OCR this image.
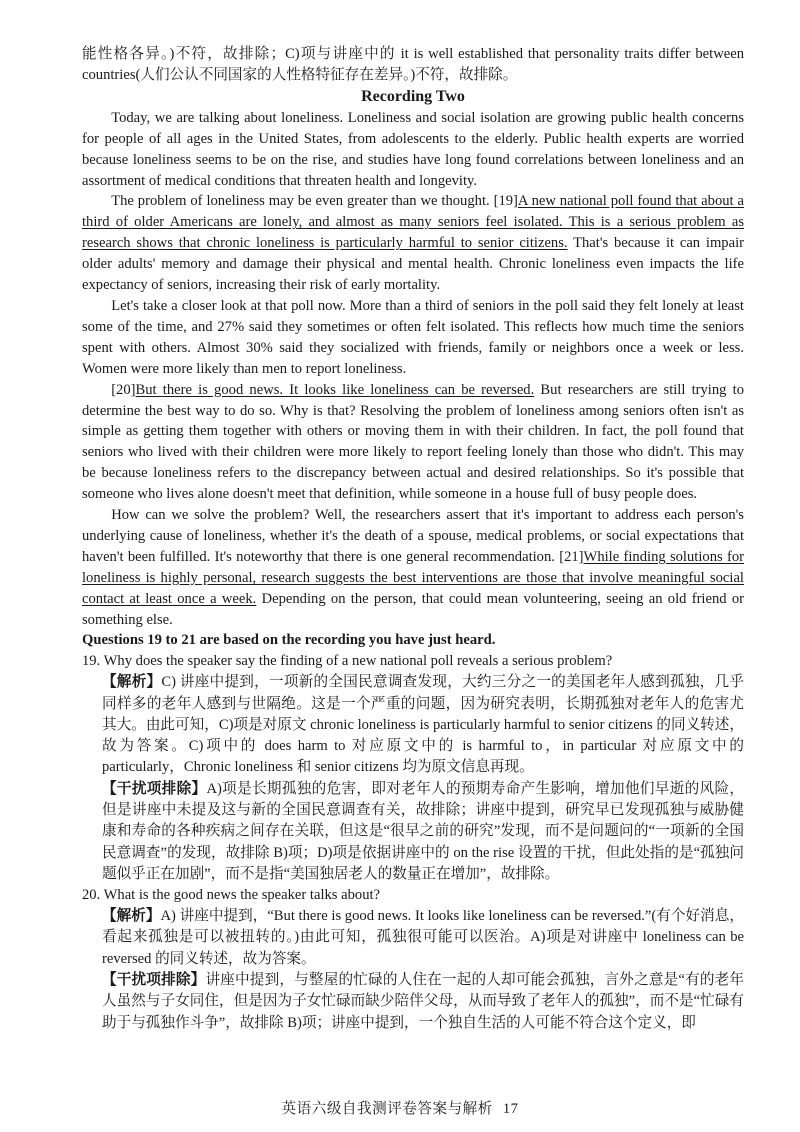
能性格各异。)不符，故排除；C)项与讲座中的 it is well established that personality traits differ between countries(人们公认不同国家的人性格特征存在差异。)不符，故排除。

Recording Two

Today, we are talking about loneliness. Loneliness and social isolation are growing public health concerns for people of all ages in the United States, from adolescents to the elderly. Public health experts are worried because loneliness seems to be on the rise, and studies have long found correlations between loneliness and an assortment of medical conditions that threaten health and longevity.

The problem of loneliness may be even greater than we thought. [19]A new national poll found that about a third of older Americans are lonely, and almost as many seniors feel isolated. This is a serious problem as research shows that chronic loneliness is particularly harmful to senior citizens. That's because it can impair older adults' memory and damage their physical and mental health. Chronic loneliness even impacts the life expectancy of seniors, increasing their risk of early mortality.

Let's take a closer look at that poll now. More than a third of seniors in the poll said they felt lonely at least some of the time, and 27% said they sometimes or often felt isolated. This reflects how much time the seniors spent with others. Almost 30% said they socialized with friends, family or neighbors once a week or less. Women were more likely than men to report loneliness.

[20]But there is good news. It looks like loneliness can be reversed. But researchers are still trying to determine the best way to do so. Why is that? Resolving the problem of loneliness among seniors often isn't as simple as getting them together with others or moving them in with their children. In fact, the poll found that seniors who lived with their children were more likely to report feeling lonely than those who didn't. This may be because loneliness refers to the discrepancy between actual and desired relationships. So it's possible that someone who lives alone doesn't meet that definition, while someone in a house full of busy people does.

How can we solve the problem? Well, the researchers assert that it's important to address each person's underlying cause of loneliness, whether it's the death of a spouse, medical problems, or social expectations that haven't been fulfilled. It's noteworthy that there is one general recommendation. [21]While finding solutions for loneliness is highly personal, research suggests the best interventions are those that involve meaningful social contact at least once a week. Depending on the person, that could mean volunteering, seeing an old friend or something else.

Questions 19 to 21 are based on the recording you have just heard.

19. Why does the speaker say the finding of a new national poll reveals a serious problem?

【解析】C) 讲座中提到，一项新的全国民意调查发现，大约三分之一的美国老年人感到孤独，几乎同样多的老年人感到与世隔绝。这是一个严重的问题，因为研究表明，长期孤独对老年人的危害尤其大。由此可知，C)项是对原文 chronic loneliness is particularly harmful to senior citizens 的同义转述，故为答案。C)项中的 does harm to 对应原文中的 is harmful to，in particular 对应原文中的 particularly，Chronic loneliness 和 senior citizens 均为原文信息再现。

【干扰项排除】A)项是长期孤独的危害，即对老年人的预期寿命产生影响，增加他们早逝的风险，但是讲座中未提及这与新的全国民意调查有关，故排除；讲座中提到，研究早已发现孤独与威胁健康和寿命的各种疾病之间存在关联，但这是“很早之前的研究”发现，而不是问题问的“一项新的全国民意调查”的发现，故排除 B)项；D)项是依据讲座中的 on the rise 设置的干扰，但此处指的是“孤独问题似乎正在加剧”，而不是指“美国独居老人的数量正在增加”，故排除。

20. What is the good news the speaker talks about?

【解析】A) 讲座中提到，“But there is good news. It looks like loneliness can be reversed.”(有个好消息，看起来孤独是可以被扭转的。)由此可知，孤独很可能可以医治。A)项是对讲座中 loneliness can be reversed 的同义转述，故为答案。

【干扰项排除】讲座中提到，与整屋的忙碌的人住在一起的人却可能会孤独，言外之意是“有的老年人虽然与子女同住，但是因为子女忙碌而缺少陪伴父母，从而导致了老年人的孤独”，而不是“忙碌有助于与孤独作斗争”，故排除 B)项；讲座中提到，一个独自生活的人可能不符合这个定义，即

英语六级自我测评卷答案与解析 17
